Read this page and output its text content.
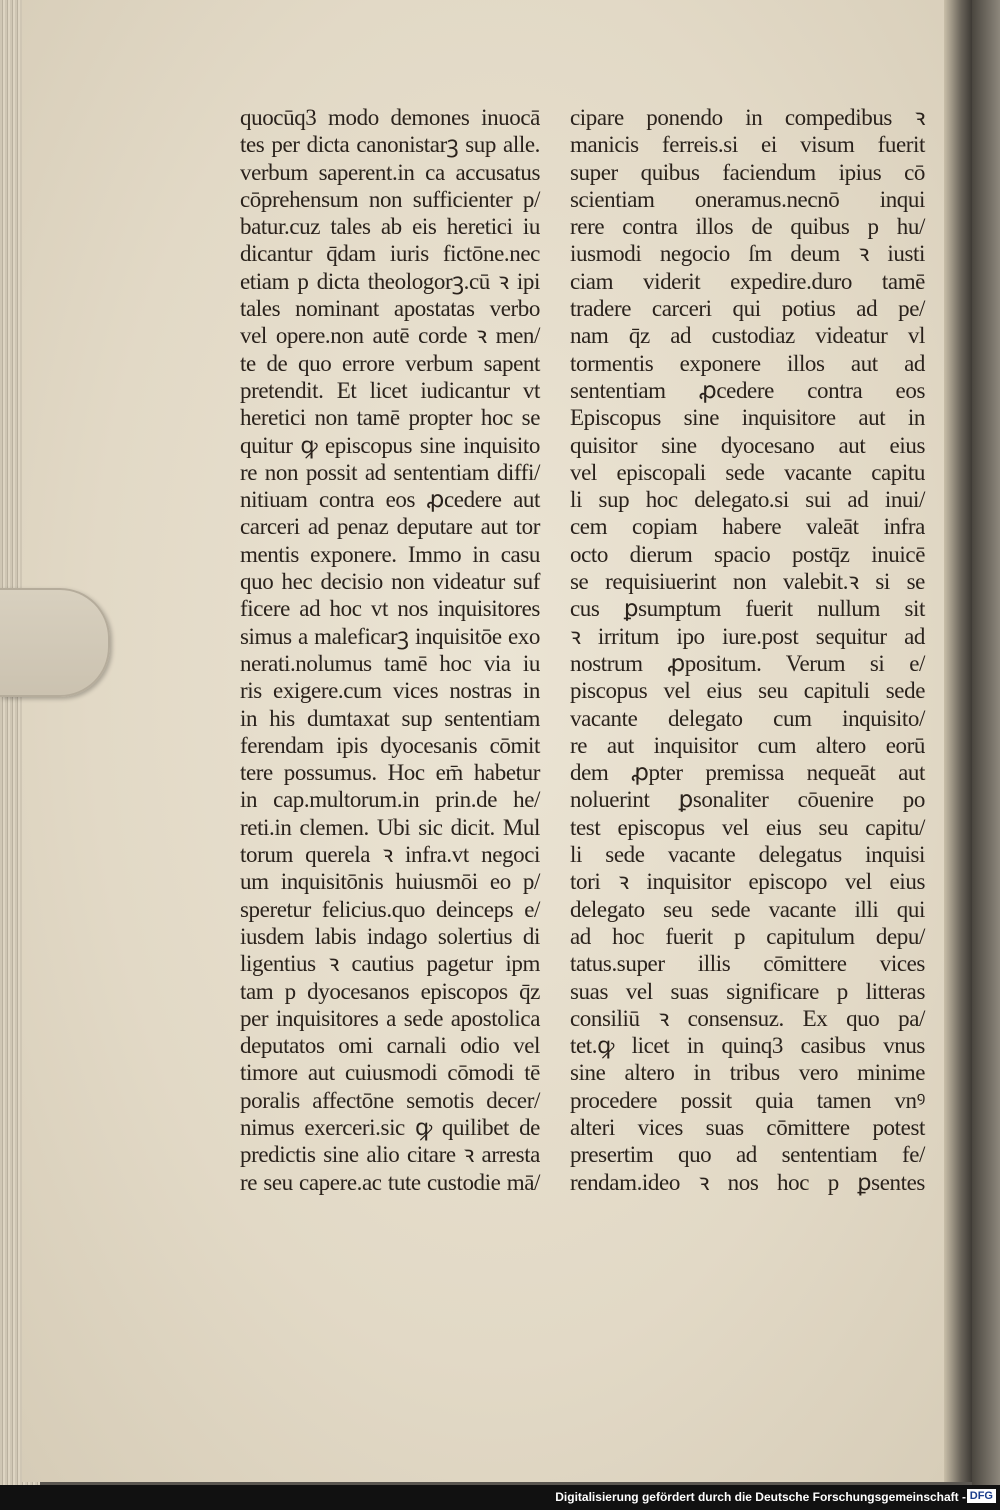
quocūq3 modo demones inuocā
tes per dicta canonistarꝫ sup alle.
verbum saperent.in ca accusatus
cōprehensum non sufficienter p/
batur.cuz tales ab eis heretici iu
dicantur q̄dam iuris fictōne.nec
etiam p dicta theologorꝫ.cū ꝛ ipi
tales nominant apostatas verbo
vel opere.non autē corde ꝛ men/
te de quo errore verbum sapent
pretendit. Et licet iudicantur vt
heretici non tamē propter hoc se
quitur ꝙ episcopus sine inquisito
re non possit ad sententiam diffi/
nitiuam contra eos ꝓcedere aut
carceri ad penaz deputare aut tor
mentis exponere. Immo in casu
quo hec decisio non videatur suf
ficere ad hoc vt nos inquisitores
simus a maleficarꝫ inquisitōe exo
nerati.nolumus tamē hoc via iu
ris exigere.cum vices nostras in
in his dumtaxat sup sententiam
ferendam ipis dyocesanis cōmit
tere possumus. Hoc em̄ habetur
in cap.multorum.in prin.de he/
reti.in clemen. Ubi sic dicit. Mul
torum querela ꝛ infra.vt negoci
um inquisitōnis huiusmōi eo p/
speretur felicius.quo deinceps e/
iusdem labis indago solertius di
ligentius ꝛ cautius pagetur ipm
tam p dyocesanos episcopos q̄z
per inquisitores a sede apostolica
deputatos omi carnali odio vel
timore aut cuiusmodi cōmodi tē
poralis affectōne semotis decer/
nimus exerceri.sic ꝙ quilibet de
predictis sine alio citare ꝛ arresta
re seu capere.ac tute custodie mā/
cipare ponendo in compedibus ꝛ
manicis ferreis.si ei visum fuerit
super quibus faciendum ipius cō
scientiam oneramus.necnō inqui
rere contra illos de quibus p hu/
iusmodi negocio ſm deum ꝛ iusti
ciam viderit expedire.duro tamē
tradere carceri qui potius ad pe/
nam q̄z ad custodiaz videatur vl
tormentis exponere illos aut ad
sententiam ꝓcedere contra eos
Episcopus sine inquisitore aut in
quisitor sine dyocesano aut eius
vel episcopali sede vacante capitu
li sup hoc delegato.si sui ad inui/
cem copiam habere valeāt infra
octo dierum spacio postq̄z inuicē
se requisiuerint non valebit.ꝛ si se
cus ꝑsumptum fuerit nullum sit
ꝛ irritum ipo iure.post sequitur ad
nostrum ꝓpositum. Verum si e/
piscopus vel eius seu capituli sede
vacante delegato cum inquisito/
re aut inquisitor cum altero eorū
dem ꝓpter premissa nequeāt aut
noluerint ꝑsonaliter cōuenire po
test episcopus vel eius seu capitu/
li sede vacante delegatus inquisi
tori ꝛ inquisitor episcopo vel eius
delegato seu sede vacante illi qui
ad hoc fuerit p capitulum depu/
tatus.super illis cōmittere vices
suas vel suas significare p litteras
consiliū ꝛ consensuz. Ex quo pa/
tet.ꝙ licet in quinq3 casibus vnus
sine altero in tribus vero minime
procedere possit quia tamen vnꝰ
alteri vices suas cōmittere potest
presertim quo ad sententiam fe/
rendam.ideo ꝛ nos hoc p ꝑsentes
Digitalisierung gefördert durch die Deutsche Forschungsgemeinschaft - DFG
